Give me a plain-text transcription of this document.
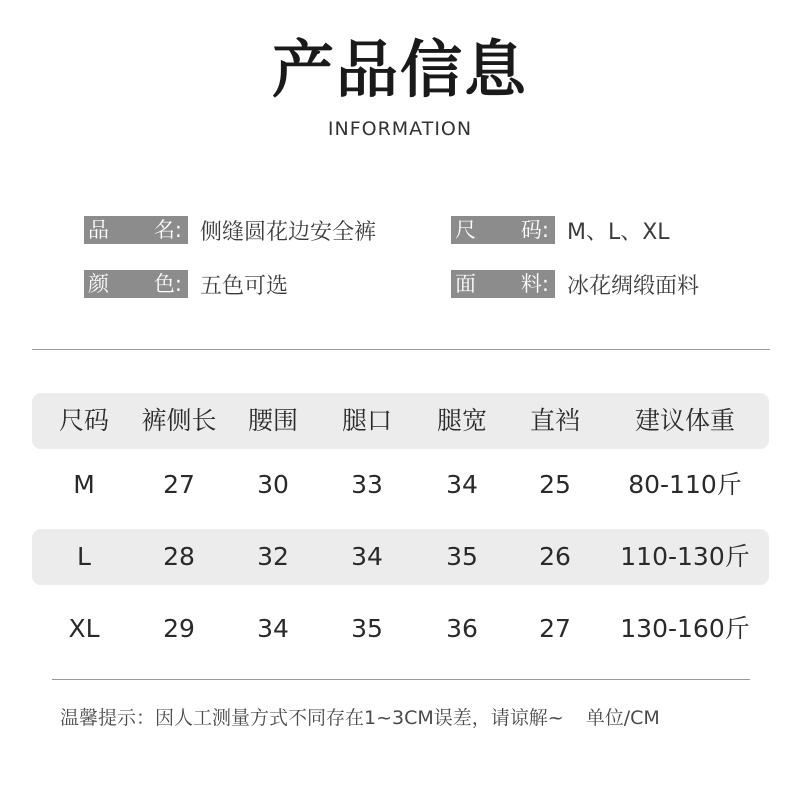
产品信息
INFORMATION
品 名: 侧缝圆花边安全裤	尺 码: M、L、XL
颜 色: 五色可选	面 料: 冰花绸缎面料
尺码 裤侧长	腰围	腿口	腿宽	直裆	建议体重
M	27	30	33	34	25	80-110斤
L	28	32	34	35	26	110-130斤
XL	29	34	35	36	27	130-160斤
温馨提示：因人工测量方式不同存在1~3CM误差，请谅解~ 单位/CM
